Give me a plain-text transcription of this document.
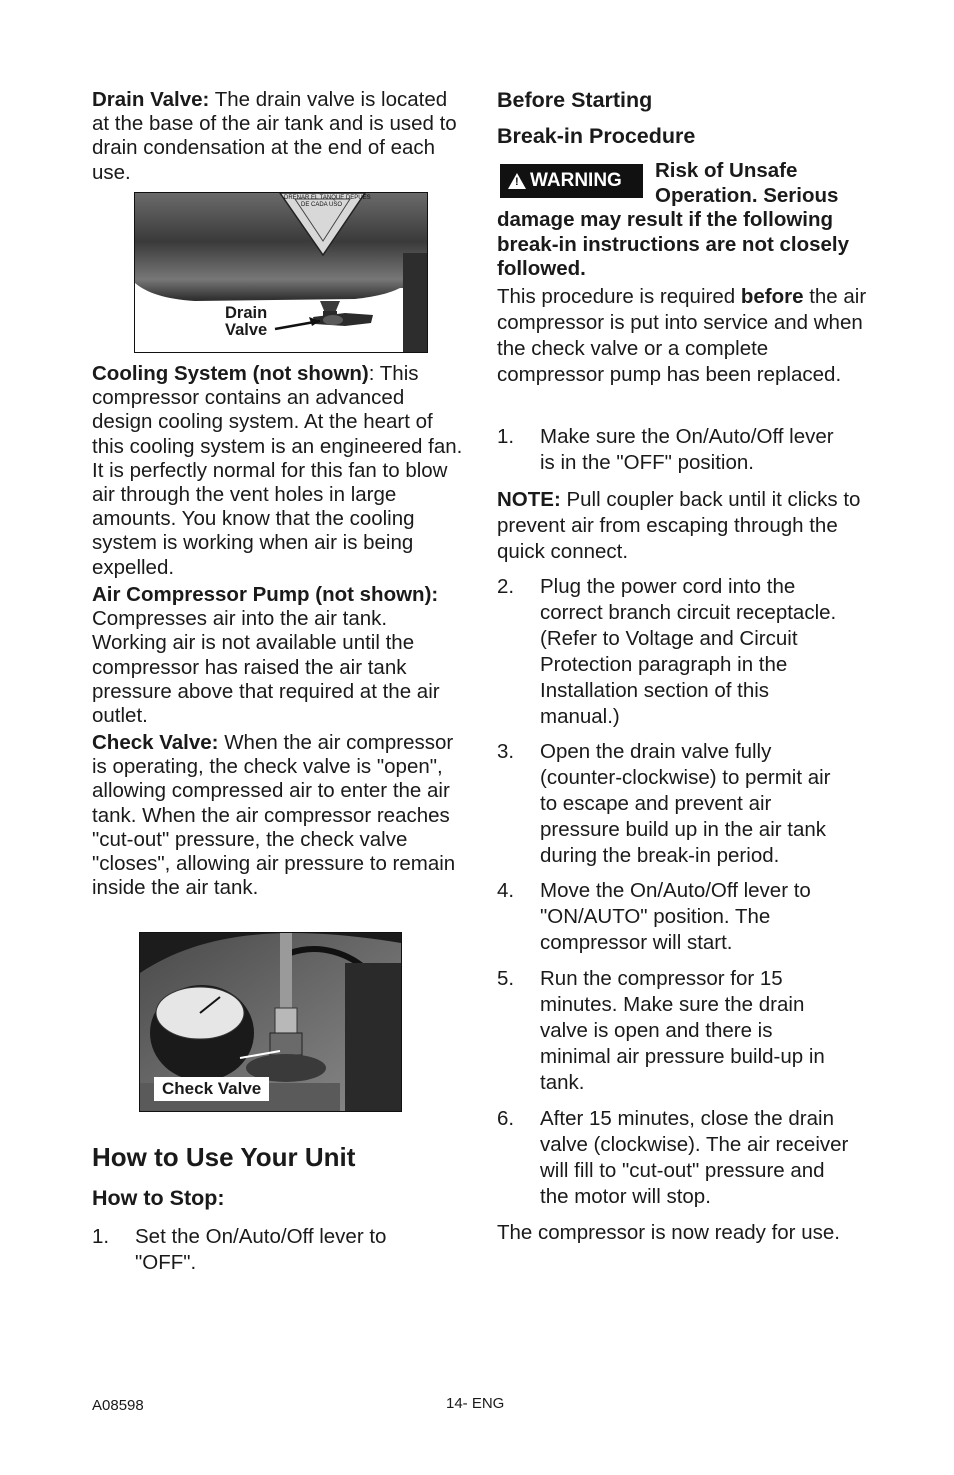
Drain Valve: The drain valve is located at the base of the air tank and is used to drain condensation at the end of each use.

DRENAR EL TANQUE DEPUES
DE CADA USO
Drain
Valve

Cooling System (not shown): This compressor contains an advanced design cooling system. At the heart of this cooling system is an engineered fan. It is perfectly normal for this fan to blow air through the vent holes in large amounts. You know that the cooling system is working when air is being expelled.

Air Compressor Pump (not shown): Compresses air into the air tank. Working air is not available until the compressor has raised the air tank pressure above that required at the air outlet.

Check Valve: When the air compressor is operating, the check valve is "open", allowing compressed air to enter the air tank. When the air compressor reaches "cut-out" pressure, the check valve "closes", allowing air pressure to remain inside the air tank.

Check Valve
How to Use Your Unit
How to Stop:
1. Set the On/Auto/Off lever to
"OFF".
Before Starting
Break-in Procedure
! WARNING Risk of Unsafe
Operation. Serious

damage may result if the following break-in instructions are not closely followed.

This procedure is required before the air compressor is put into service and when the check valve or a complete compressor pump has been replaced.

1. Make sure the On/Auto/Off lever
is in the "OFF" position.

NOTE: Pull coupler back until it clicks to prevent air from escaping through the quick connect.

2. Plug the power cord into the
correct branch circuit receptacle.
(Refer to Voltage and Circuit
Protection paragraph in the
Installation section of this
manual.)
3. Open the drain valve fully
(counter-clockwise) to permit air
to escape and prevent air
pressure build up in the air tank
during the break-in period.
4. Move the On/Auto/Off lever to
"ON/AUTO" position. The
compressor will start.
5. Run the compressor for 15
minutes. Make sure the drain
valve is open and there is
minimal air pressure build-up in
tank.
6. After 15 minutes, close the drain
valve (clockwise). The air receiver
will fill to "cut-out" pressure and
the motor will stop.

The compressor is now ready for use.

A08598	14- ENG
